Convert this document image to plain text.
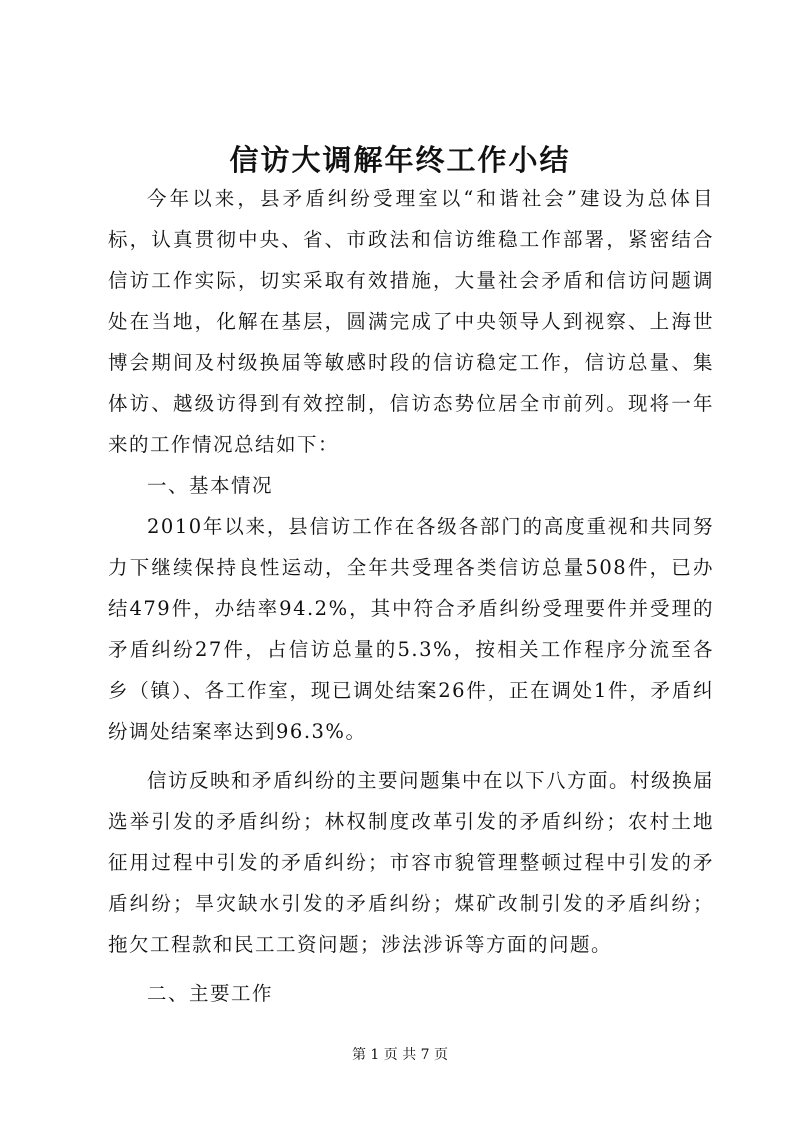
信访大调解年终工作小结

今年以来，县矛盾纠纷受理室以“和谐社会”建设为总体目标，认真贯彻中央、省、市政法和信访维稳工作部署，紧密结合信访工作实际，切实采取有效措施，大量社会矛盾和信访问题调处在当地，化解在基层，圆满完成了中央领导人到视察、上海世博会期间及村级换届等敏感时段的信访稳定工作，信访总量、集体访、越级访得到有效控制，信访态势位居全市前列。现将一年来的工作情况总结如下：

一、基本情况

2010年以来，县信访工作在各级各部门的高度重视和共同努力下继续保持良性运动，全年共受理各类信访总量508件，已办结479件，办结率94.2%，其中符合矛盾纠纷受理要件并受理的矛盾纠纷27件，占信访总量的5.3%，按相关工作程序分流至各乡（镇）、各工作室，现已调处结案26件，正在调处1件，矛盾纠纷调处结案率达到96.3%。

信访反映和矛盾纠纷的主要问题集中在以下八方面。村级换届选举引发的矛盾纠纷；林权制度改革引发的矛盾纠纷；农村土地征用过程中引发的矛盾纠纷；市容市貌管理整顿过程中引发的矛盾纠纷；旱灾缺水引发的矛盾纠纷；煤矿改制引发的矛盾纠纷；拖欠工程款和民工工资问题；涉法涉诉等方面的问题。

二、主要工作

第 1 页 共 7 页
